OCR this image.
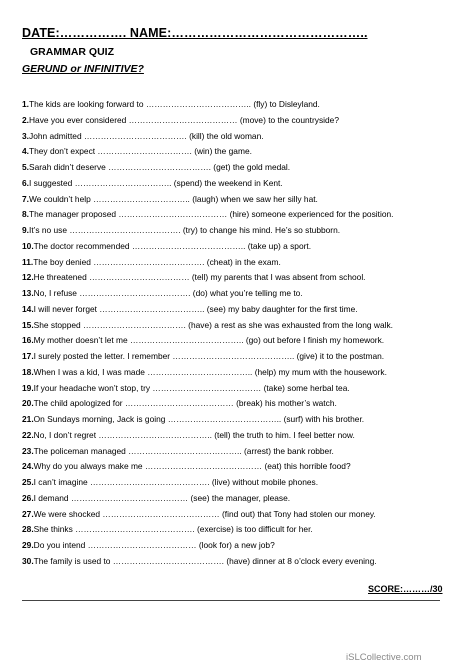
DATE:……………. NAME:………………………………………..
GRAMMAR QUIZ
GERUND or INFINITIVE?
1.The kids are looking forward to ……………………………….. (fly) to Disleyland.
2.Have you ever considered ………………………………… (move) to the countryside?
3.John admitted ………………………………. (kill) the old woman.
4.They don’t expect ……………………………. (win) the game.
5.Sarah didn’t deserve ………………………………. (get) the gold medal.
6.I suggested …………………………….. (spend) the weekend in Kent.
7.We couldn’t help …………………………….. (laugh) when we saw her silly hat.
8.The manager proposed ………………………………… (hire) someone experienced for the position.
9.It’s no use …………………………………. (try) to change his mind. He’s so stubborn.
10.The doctor recommended ………………………………….. (take up) a sport.
11.The boy denied …………………………………. (cheat) in the exam.
12.He threatened ……………………………… (tell) my parents that I was absent from school.
13.No, I refuse …………………………………. (do) what you’re telling me to.
14.I will never forget ……………………………….. (see) my baby daughter for the first time.
15.She stopped ………………………………. (have) a rest as she was exhausted from the long walk.
16.My mother doesn’t let me ………………………………….. (go) out before I finish my homework.
17.I surely posted the letter. I remember …………………………………….. (give) it to the postman.
18.When I was a kid, I was made ……………………………….. (help) my mum with the housework.
19.If your headache won’t stop, try ………………………………… (take) some herbal tea.
20.The child apologized for ………………………………… (break) his mother’s watch.
21.On Sundays morning, Jack is going ………………………………….. (surf) with his brother.
22.No, I don’t regret ………………………………….. (tell) the truth to him. I feel better now.
23.The policeman managed ………………………………….. (arrest) the bank robber.
24.Why do you always make me …………………………………… (eat) this horrible food?
25.I can’t imagine ……………………………………. (live) without mobile phones.
26.I demand …………………………………… (see) the manager, please.
27.We were shocked …………………………………… (find out) that Tony had stolen our money.
28.She thinks ……………………………………. (exercise) is too difficult for her.
29.Do you intend ………………………………… (look for) a new job?
30.The family is used to …………………………………. (have) dinner at 8 o’clock every evening.
SCORE:………/30
iSLCollective.com
